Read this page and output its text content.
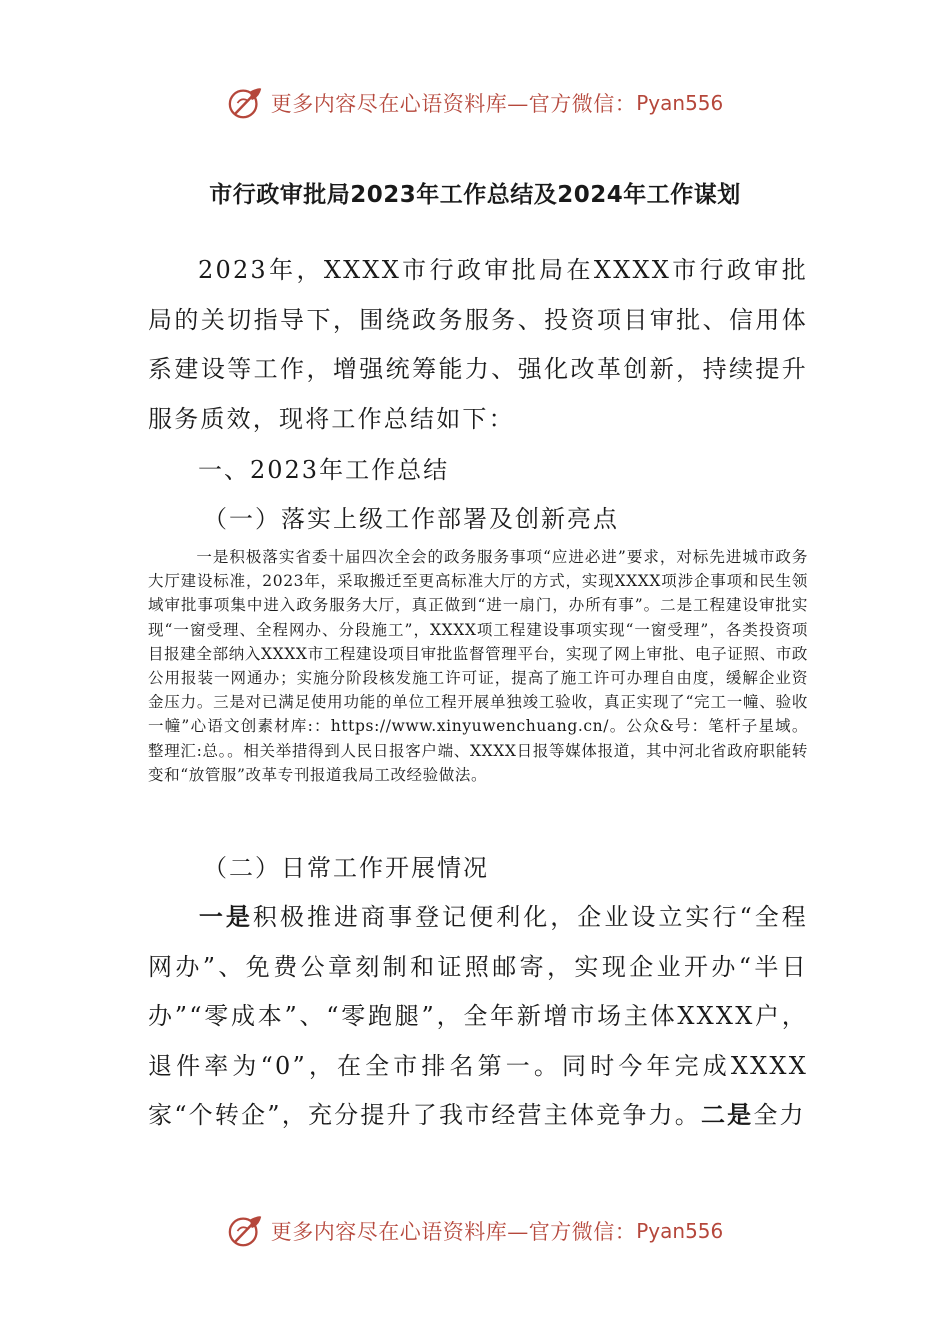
更多内容尽在心语资料库—官方微信： Pyan556
市行政审批局2023年工作总结及2024年工作谋划

2023年，XXXX市行政审批局在XXXX市行政审批局的关切指导下，围绕政务服务、投资项目审批、信用体系建设等工作，增强统筹能力、强化改革创新，持续提升服务质效，现将工作总结如下：

一、2023年工作总结

（一）落实上级工作部署及创新亮点

一是积极落实省委十届四次全会的政务服务事项“应进必进”要求，对标先进城市政务大厅建设标准，2023年，采取搬迁至更高标准大厅的方式，实现XXXX项涉企事项和民生领域审批事项集中进入政务服务大厅，真正做到“进一扇门，办所有事”。二是工程建设审批实现“一窗受理、全程网办、分段施工”，XXXX项工程建设事项实现“一窗受理”，各类投资项目报建全部纳入XXXX市工程建设项目审批监督管理平台，实现了网上审批、电子证照、市政公用报装一网通办；实施分阶段核发施工许可证，提高了施工许可办理自由度，缓解企业资金压力。三是对已满足使用功能的单位工程开展单独竣工验收，真正实现了“完工一幢、验收一幢”心语文创素材库:：https://www.xinyuwenchuang.cn/。公众&号：笔杆子星域。整理汇:总。。相关举措得到人民日报客户端、XXXX日报等媒体报道，其中河北省政府职能转变和“放管服”改革专刊报道我局工改经验做法。

（二）日常工作开展情况

一是积极推进商事登记便利化，企业设立实行“全程网办”、免费公章刻制和证照邮寄，实现企业开办“半日办”“零成本”、“零跑腿”，全年新增市场主体XXXX户，退件率为“0”，在全市排名第一。同时今年完成XXXX家“个转企”，充分提升了我市经营主体竞争力。二是全力

更多内容尽在心语资料库—官方微信： Pyan556
